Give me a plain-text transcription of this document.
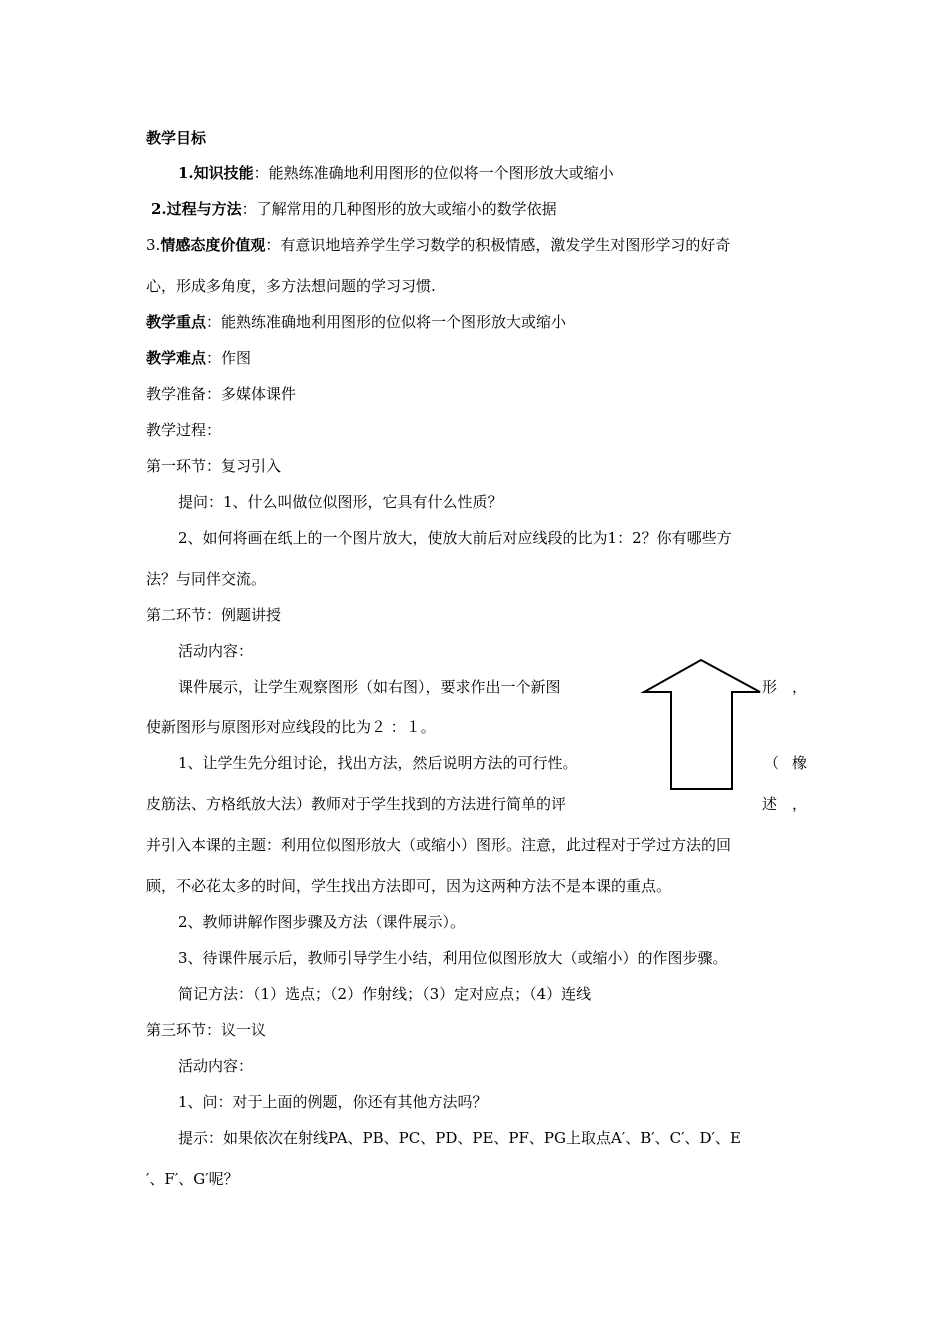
教学目标
1.知识技能：能熟练准确地利用图形的位似将一个图形放大或缩小
2.过程与方法：了解常用的几种图形的放大或缩小的数学依据
3.情感态度价值观：有意识地培养学生学习数学的积极情感，激发学生对图形学习的好奇
心，形成多角度，多方法想问题的学习习惯.
教学重点：能熟练准确地利用图形的位似将一个图形放大或缩小
教学难点：作图
教学准备：多媒体课件
教学过程：
第一环节：复习引入
提问：1、什么叫做位似图形，它具有什么性质？
2、如何将画在纸上的一个图片放大，使放大前后对应线段的比为1：2？你有哪些方
法？与同伴交流。
第二环节：例题讲授
活动内容：
课件展示，让学生观察图形（如右图），要求作出一个新图	形 ，
使新图形与原图形对应线段的比为２ ：１。
1、让学生先分组讨论，找出方法，然后说明方法的可行性。	（ 橡
皮筋法、方格纸放大法）教师对于学生找到的方法进行简单的评	述 ，
并引入本课的主题：利用位似图形放大（或缩小）图形。注意，此过程对于学过方法的回
顾，不必花太多的时间，学生找出方法即可，因为这两种方法不是本课的重点。
2、教师讲解作图步骤及方法（课件展示）。
3、待课件展示后，教师引导学生小结，利用位似图形放大（或缩小）的作图步骤。
简记方法：（1）选点；（2）作射线；（3）定对应点；（4）连线
第三环节：议一议
活动内容：
1、问：对于上面的例题，你还有其他方法吗？
提示：如果依次在射线PA、PB、PC、PD、PE、PF、PG上取点A′、B′、C′、D′、E
′、F′、G′呢？
